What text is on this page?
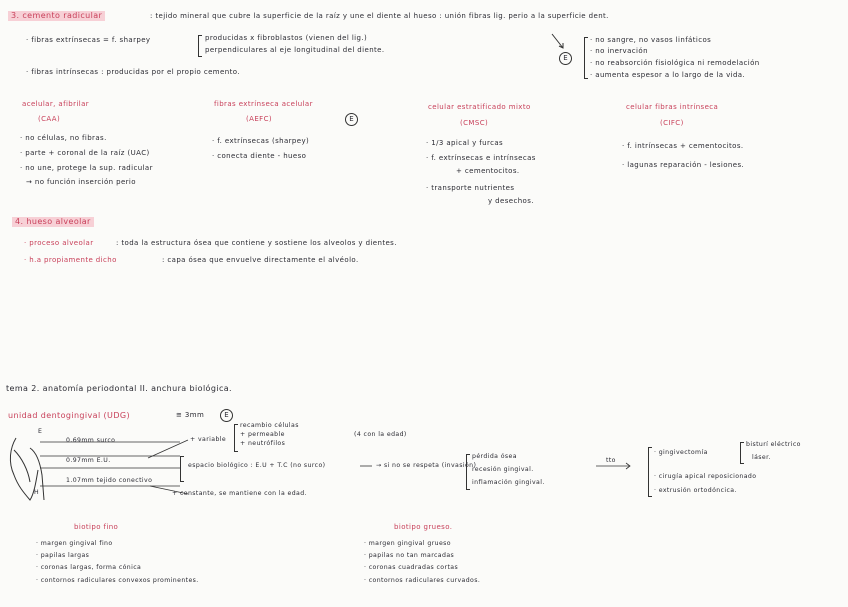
3. cemento radicular	: tejido mineral que cubre la superficie de la raíz y une el diente al hueso : unión fibras lig. perio a la superficie dent.
· fibras extrínsecas = f. sharpey	producidas x fibroblastos (vienen del lig.)
perpendiculares al eje longitudinal del diente.
· fibras intrínsecas : producidas por el propio cemento.
E
· no sangre, no vasos linfáticos
· no inervación
· no reabsorción fisiológica ni remodelación
· aumenta espesor a lo largo de la vida.
acelular, afibrilar
(CAA)
· no células, no fibras.
· parte + coronal de la raíz (UAC)
· no une, protege la sup. radicular
→ no función inserción perio
fibras extrínseca acelular
(AEFC)	E
· f. extrínsecas (sharpey)
· conecta diente - hueso
celular estratificado mixto
(CMSC)
· 1/3 apical y furcas
· f. extrínsecas e intrínsecas
+ cementocitos.
· transporte nutrientes
y desechos.
celular fibras intrínseca
(CIFC)
· f. intrínsecas + cementocitos.
· lagunas reparación - lesiones.
4. hueso alveolar
· proceso alveolar	: toda la estructura ósea que contiene y sostiene los alveolos y dientes.
· h.a propiamente dicho	: capa ósea que envuelve directamente el alvéolo.
tema 2. anatomía periodontal II. anchura biológica.
unidad dentogingival (UDG)	≅ 3mm	E
E
H
0.69mm surco
0.97mm E.U.
1.07mm tejido conectivo
+ variable
recambio células
+ permeable
+ neutrófilos
(4 con la edad)
espacio biológico : E.U + T.C (no surco)	→ si no se respeta (invasión)
pérdida ósea
recesión gingival.
inflamación gingival.
tto
· gingivectomía
bisturí eléctrico
láser.
· cirugía apical reposicionado
· extrusión ortodóncica.
+ constante, se mantiene con la edad.
biotipo fino
· margen gingival fino
· papilas largas
· coronas largas, forma cónica
· contornos radiculares convexos prominentes.
biotipo grueso.
· margen gingival grueso
· papilas no tan marcadas
· coronas cuadradas cortas
· contornos radiculares curvados.
